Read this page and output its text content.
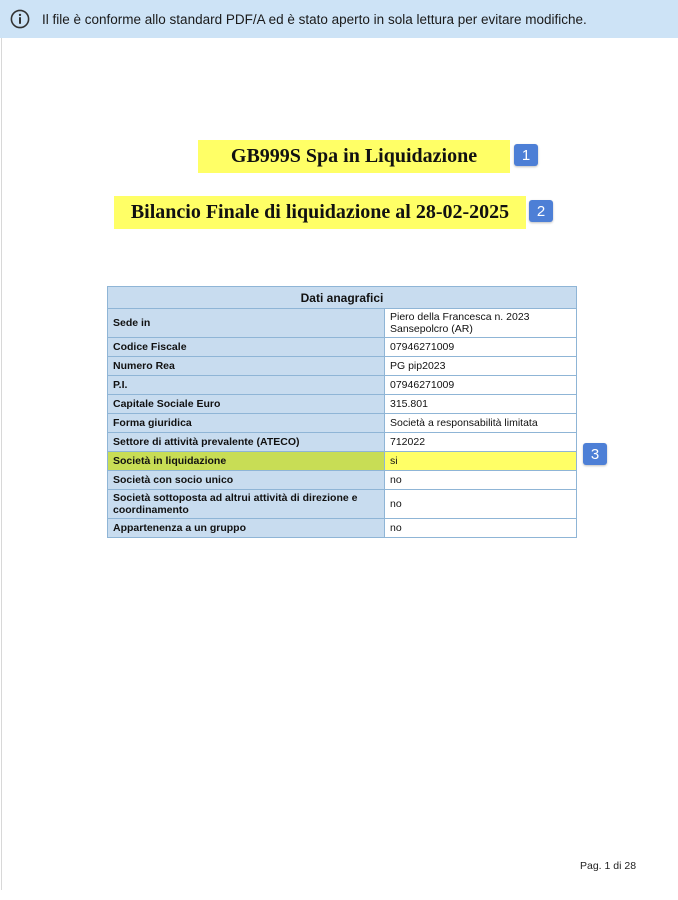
Il file è conforme allo standard PDF/A ed è stato aperto in sola lettura per evitare modifiche.
GB999S Spa in Liquidazione	1
Bilancio Finale di liquidazione al 28-02-2025	2
Dati anagrafici	
Sede in	Piero della Francesca n. 2023 Sansepolcro (AR)
Codice Fiscale	07946271009
Numero Rea	PG pip2023
P.I.	07946271009
Capitale Sociale Euro	315.801
Forma giuridica	Società a responsabilità limitata
Settore di attività prevalente (ATECO)	712022
Società in liquidazione	si
Società con socio unico	no
Società sottoposta ad altrui attività di direzione e coordinamento	no
Appartenenza a un gruppo	no
3
Pag. 1 di 28
